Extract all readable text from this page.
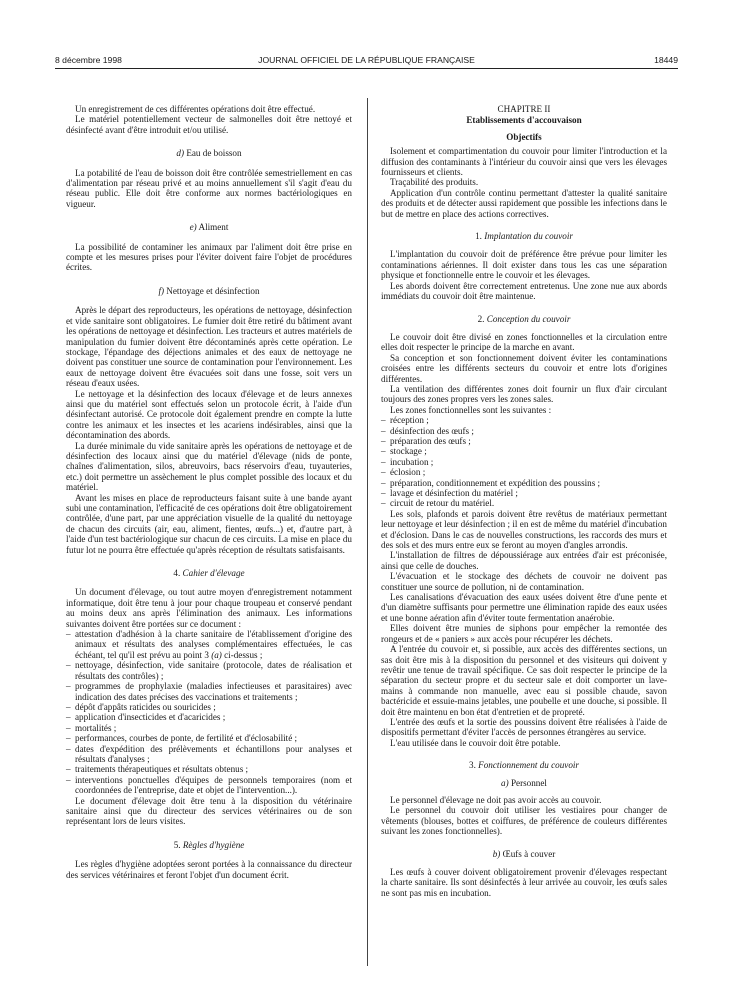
8 décembre 1998	JOURNAL OFFICIEL DE LA RÉPUBLIQUE FRANÇAISE	18449

Un enregistrement de ces différentes opérations doit être effectué.

Le matériel potentiellement vecteur de salmonelles doit être nettoyé et désinfecté avant d'être introduit et/ou utilisé.

d) Eau de boisson

La potabilité de l'eau de boisson doit être contrôlée semestriellement en cas d'alimentation par réseau privé et au moins annuellement s'il s'agit d'eau du réseau public. Elle doit être conforme aux normes bactériologiques en vigueur.

e) Aliment

La possibilité de contaminer les animaux par l'aliment doit être prise en compte et les mesures prises pour l'éviter doivent faire l'objet de procédures écrites.

f) Nettoyage et désinfection

Après le départ des reproducteurs, les opérations de nettoyage, désinfection et vide sanitaire sont obligatoires. Le fumier doit être retiré du bâtiment avant les opérations de nettoyage et désinfection. Les tracteurs et autres matériels de manipulation du fumier doivent être décontaminés après cette opération. Le stockage, l'épandage des déjections animales et des eaux de nettoyage ne doivent pas constituer une source de contamination pour l'environnement. Les eaux de nettoyage doivent être évacuées soit dans une fosse, soit vers un réseau d'eaux usées.

Le nettoyage et la désinfection des locaux d'élevage et de leurs annexes ainsi que du matériel sont effectués selon un protocole écrit, à l'aide d'un désinfectant autorisé. Ce protocole doit également prendre en compte la lutte contre les animaux et les insectes et les acariens indésirables, ainsi que la décontamination des abords.

La durée minimale du vide sanitaire après les opérations de nettoyage et de désinfection des locaux ainsi que du matériel d'élevage (nids de ponte, chaînes d'alimentation, silos, abreuvoirs, bacs réservoirs d'eau, tuyauteries, etc.) doit permettre un assèchement le plus complet possible des locaux et du matériel.

Avant les mises en place de reproducteurs faisant suite à une bande ayant subi une contamination, l'efficacité de ces opérations doit être obligatoirement contrôlée, d'une part, par une appréciation visuelle de la qualité du nettoyage de chacun des circuits (air, eau, aliment, fientes, œufs...) et, d'autre part, à l'aide d'un test bactériologique sur chacun de ces circuits. La mise en place du futur lot ne pourra être effectuée qu'après réception de résultats satisfaisants.

4. Cahier d'élevage

Un document d'élevage, ou tout autre moyen d'enregistrement notamment informatique, doit être tenu à jour pour chaque troupeau et conservé pendant au moins deux ans après l'élimination des animaux. Les informations suivantes doivent être portées sur ce document :

– attestation d'adhésion à la charte sanitaire de l'établissement d'origine des animaux et résultats des analyses complémentaires effectuées, le cas échéant, tel qu'il est prévu au point 3 (a) ci-dessus ;

– nettoyage, désinfection, vide sanitaire (protocole, dates de réalisation et résultats des contrôles) ;

– programmes de prophylaxie (maladies infectieuses et parasitaires) avec indication des dates précises des vaccinations et traitements ;

– dépôt d'appâts raticides ou souricides ;

– application d'insecticides et d'acaricides ;

– mortalités ;

– performances, courbes de ponte, de fertilité et d'éclosabilité ;

– dates d'expédition des prélèvements et échantillons pour analyses et résultats d'analyses ;

– traitements thérapeutiques et résultats obtenus ;

– interventions ponctuelles d'équipes de personnels temporaires (nom et coordonnées de l'entreprise, date et objet de l'intervention...).

Le document d'élevage doit être tenu à la disposition du vétérinaire sanitaire ainsi que du directeur des services vétérinaires ou de son représentant lors de leurs visites.

5. Règles d'hygiène

Les règles d'hygiène adoptées seront portées à la connaissance du directeur des services vétérinaires et feront l'objet d'un document écrit.

CHAPITRE II
Etablissements d'accouvaison
Objectifs

Isolement et compartimentation du couvoir pour limiter l'introduction et la diffusion des contaminants à l'intérieur du couvoir ainsi que vers les élevages fournisseurs et clients.

Traçabilité des produits.

Application d'un contrôle continu permettant d'attester la qualité sanitaire des produits et de détecter aussi rapidement que possible les infections dans le but de mettre en place des actions correctives.

1. Implantation du couvoir

L'implantation du couvoir doit de préférence être prévue pour limiter les contaminations aériennes. Il doit exister dans tous les cas une séparation physique et fonctionnelle entre le couvoir et les élevages.

Les abords doivent être correctement entretenus. Une zone nue aux abords immédiats du couvoir doit être maintenue.

2. Conception du couvoir

Le couvoir doit être divisé en zones fonctionnelles et la circulation entre elles doit respecter le principe de la marche en avant.

Sa conception et son fonctionnement doivent éviter les contaminations croisées entre les différents secteurs du couvoir et entre lots d'origines différentes.

La ventilation des différentes zones doit fournir un flux d'air circulant toujours des zones propres vers les zones sales.

Les zones fonctionnelles sont les suivantes :

– réception ;

– désinfection des œufs ;

– préparation des œufs ;

– stockage ;

– incubation ;

– éclosion ;

– préparation, conditionnement et expédition des poussins ;

– lavage et désinfection du matériel ;

– circuit de retour du matériel.

Les sols, plafonds et parois doivent être revêtus de matériaux permettant leur nettoyage et leur désinfection ; il en est de même du matériel d'incubation et d'éclosion. Dans le cas de nouvelles constructions, les raccords des murs et des sols et des murs entre eux se feront au moyen d'angles arrondis.

L'installation de filtres de dépoussiérage aux entrées d'air est préconisée, ainsi que celle de douches.

L'évacuation et le stockage des déchets de couvoir ne doivent pas constituer une source de pollution, ni de contamination.

Les canalisations d'évacuation des eaux usées doivent être d'une pente et d'un diamètre suffisants pour permettre une élimination rapide des eaux usées et une bonne aération afin d'éviter toute fermentation anaérobie.

Elles doivent être munies de siphons pour empêcher la remontée des rongeurs et de « paniers » aux accès pour récupérer les déchets.

A l'entrée du couvoir et, si possible, aux accès des différentes sections, un sas doit être mis à la disposition du personnel et des visiteurs qui doivent y revêtir une tenue de travail spécifique. Ce sas doit respecter le principe de la séparation du secteur propre et du secteur sale et doit comporter un lave-mains à commande non manuelle, avec eau si possible chaude, savon bactéricide et essuie-mains jetables, une poubelle et une douche, si possible. Il doit être maintenu en bon état d'entretien et de propreté.

L'entrée des œufs et la sortie des poussins doivent être réalisées à l'aide de dispositifs permettant d'éviter l'accès de personnes étrangères au service.

L'eau utilisée dans le couvoir doit être potable.

3. Fonctionnement du couvoir
a) Personnel

Le personnel d'élevage ne doit pas avoir accès au couvoir.

Le personnel du couvoir doit utiliser les vestiaires pour changer de vêtements (blouses, bottes et coiffures, de préférence de couleurs différentes suivant les zones fonctionnelles).

b) Œufs à couver

Les œufs à couver doivent obligatoirement provenir d'élevages respectant la charte sanitaire. Ils sont désinfectés à leur arrivée au couvoir, les œufs sales ne sont pas mis en incubation.
